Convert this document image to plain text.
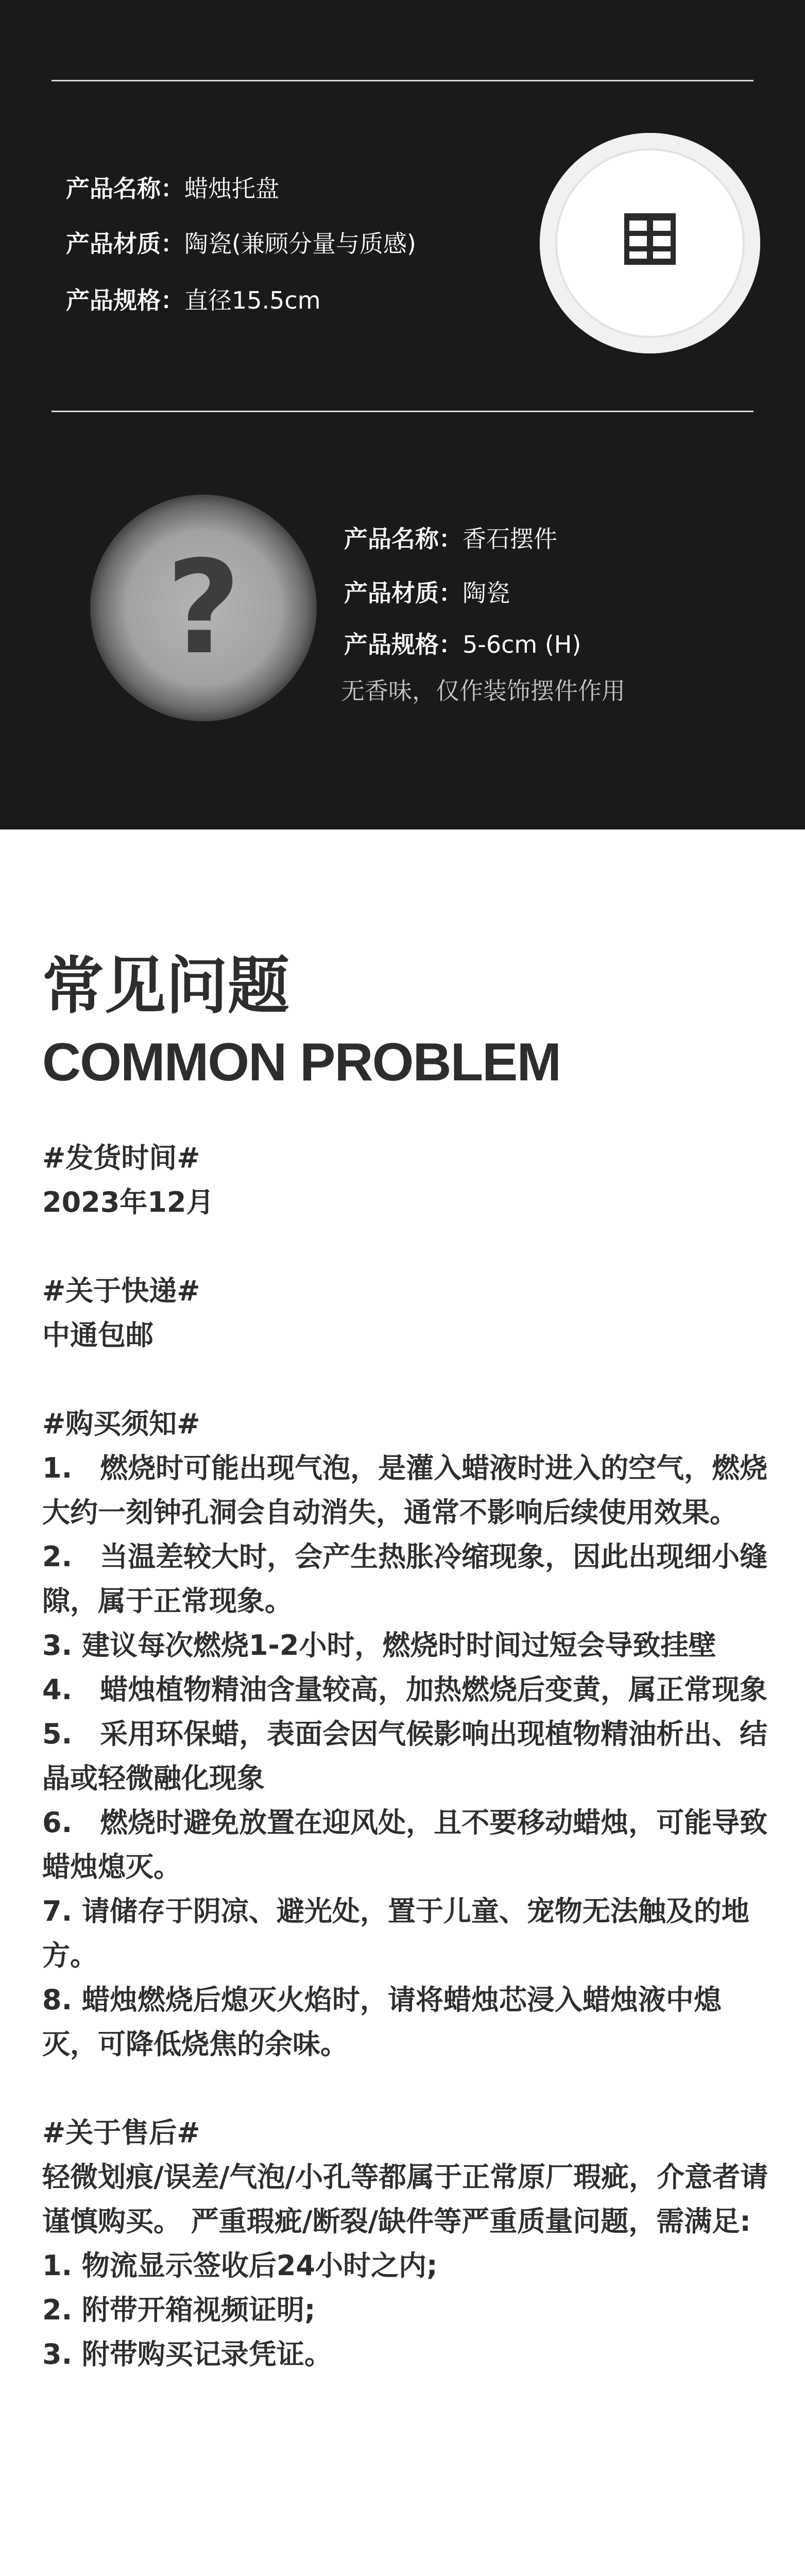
产品名称：蜡烛托盘
产品材质：陶瓷(兼顾分量与质感)
产品规格：直径15.5cm
?	产品名称：香石摆件
产品材质：陶瓷
产品规格：5-6cm (H)
无香味，仅作装饰摆件作用
常见问题
COMMON PROBLEM

#发货时间#

2023年12月

#关于快递#

中通包邮

#购买须知#

1.　燃烧时可能出现气泡，是灌入蜡液时进入的空气，燃烧大约一刻钟孔洞会自动消失，通常不影响后续使用效果。

2.　当温差较大时，会产生热胀冷缩现象，因此出现细小缝隙，属于正常现象。

3. 建议每次燃烧1-2小时，燃烧时时间过短会导致挂壁

4.　蜡烛植物精油含量较高，加热燃烧后变黄，属正常现象

5.　采用环保蜡，表面会因气候影响出现植物精油析出、结晶或轻微融化现象

6.　燃烧时避免放置在迎风处，且不要移动蜡烛，可能导致蜡烛熄灭。

7. 请储存于阴凉、避光处，置于儿童、宠物无法触及的地方。

8. 蜡烛燃烧后熄灭火焰时，请将蜡烛芯浸入蜡烛液中熄灭，可降低烧焦的余味。

#关于售后#

轻微划痕/误差/气泡/小孔等都属于正常原厂瑕疵，介意者请谨慎购买。 严重瑕疵/断裂/缺件等严重质量问题，需满足:

1. 物流显示签收后24小时之内;

2. 附带开箱视频证明;

3. 附带购买记录凭证。
